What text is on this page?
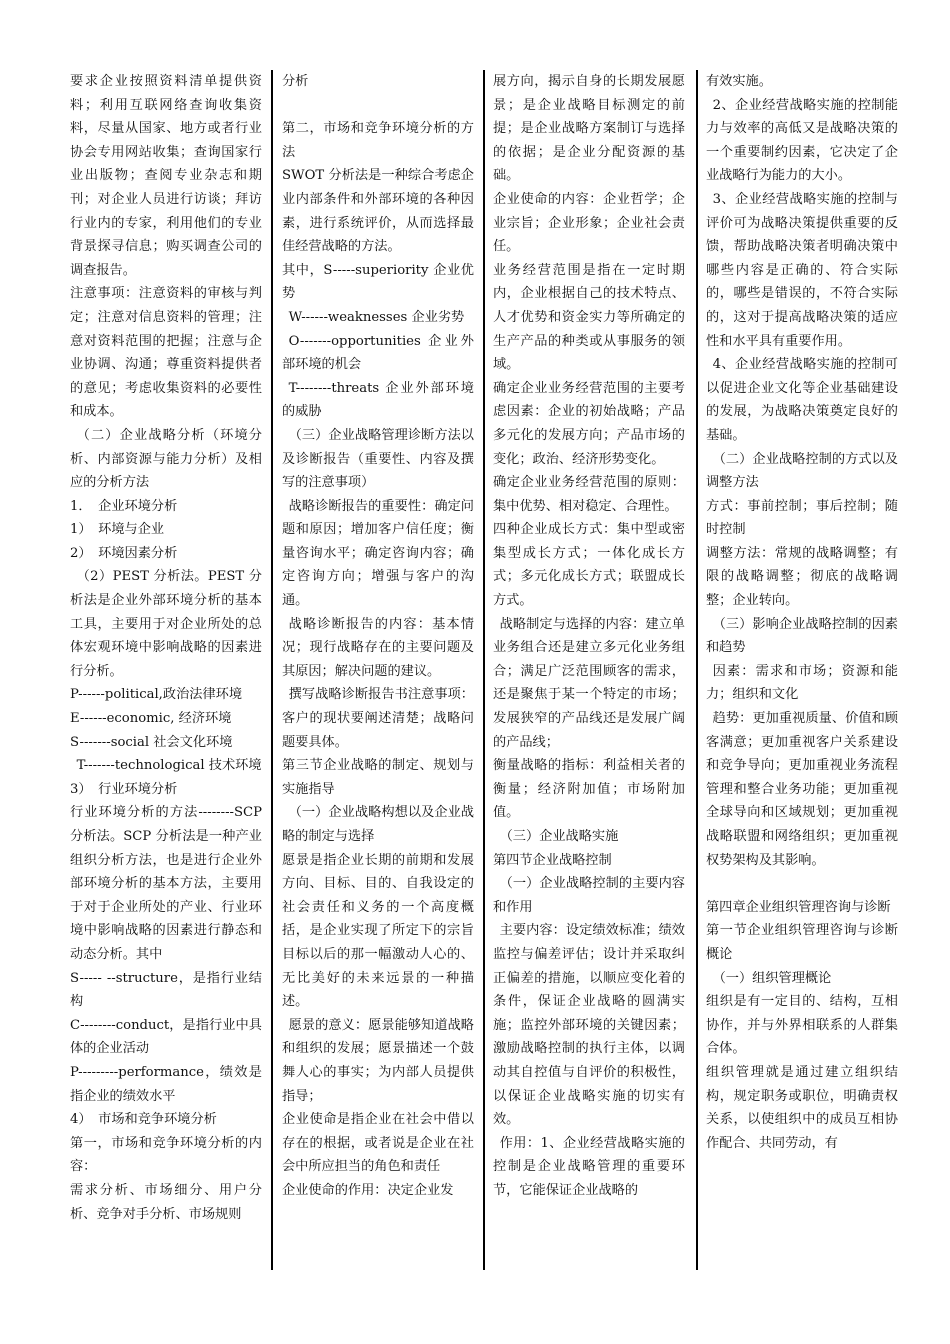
要求企业按照资料清单提供资料；利用互联网络查询收集资料，尽量从国家、地方或者行业协会专用网站收集；查询国家行业出版物；查阅专业杂志和期刊；对企业人员进行访谈；拜访行业内的专家，利用他们的专业背景探寻信息；购买调查公司的调查报告。

注意事项：注意资料的审核与判定；注意对信息资料的管理；注意对资料范围的把握；注意与企业协调、沟通；尊重资料提供者的意见；考虑收集资料的必要性和成本。

（二）企业战略分析（环境分析、内部资源与能力分析）及相应的分析方法

1．　企业环境分析

1）　环境与企业

2）　环境因素分析

（2）PEST 分析法。PEST 分析法是企业外部环境分析的基本工具，主要用于对企业所处的总体宏观环境中影响战略的因素进行分析。

P------political,政治法律环境

E------economic, 经济环境

S-------social 社会文化环境

T-------technological 技术环境

3）　行业环境分析

行业环境分析的方法--------SCP 分析法。SCP 分析法是一种产业组织分析方法，也是进行企业外部环境分析的基本方法，主要用于对于企业所处的产业、行业环境中影响战略的因素进行静态和动态分析。其中

S----- --structure，是指行业结构

C--------conduct，是指行业中具体的企业活动

P---------performance，绩效是指企业的绩效水平

4）　市场和竞争环境分析

第一，市场和竞争环境分析的内容：

需求分析、市场细分、用户分析、竞争对手分析、市场规则

分析

第二，市场和竞争环境分析的方法

SWOT 分析法是一种综合考虑企业内部条件和外部环境的各种因素，进行系统评价，从而选择最佳经营战略的方法。

其中，S-----superiority 企业优势

W------weaknesses 企业劣势

O-------opportunities 企业外部环境的机会

T--------threats 企业外部环境的威胁

（三）企业战略管理诊断方法以及诊断报告（重要性、内容及撰写的注意事项）

战略诊断报告的重要性：确定问题和原因；增加客户信任度；衡量咨询水平；确定咨询内容；确定咨询方向；增强与客户的沟通。

战略诊断报告的内容：基本情况；现行战略存在的主要问题及其原因；解决问题的建议。

撰写战略诊断报告书注意事项：客户的现状要阐述清楚；战略问题要具体。

第三节企业战略的制定、规划与实施指导

（一）企业战略构想以及企业战略的制定与选择

愿景是指企业长期的前期和发展方向、目标、目的、自我设定的社会责任和义务的一个高度概括，是企业实现了所定下的宗旨目标以后的那一幅激动人心的、无比美好的未来远景的一种描述。

愿景的意义：愿景能够知道战略和组织的发展；愿景描述一个鼓舞人心的事实；为内部人员提供指导；

企业使命是指企业在社会中借以存在的根据，或者说是企业在社会中所应担当的角色和责任

企业使命的作用：决定企业发

展方向，揭示自身的长期发展愿景；是企业战略目标测定的前提；是企业战略方案制订与选择的依据；是企业分配资源的基础。

企业使命的内容：企业哲学；企业宗旨；企业形象；企业社会责任。

业务经营范围是指在一定时期内，企业根据自己的技术特点、人才优势和资金实力等所确定的生产产品的种类或从事服务的领域。

确定企业业务经营范围的主要考虑因素：企业的初始战略；产品多元化的发展方向；产品市场的变化；政治、经济形势变化。

确定企业业务经营范围的原则：集中优势、相对稳定、合理性。

四种企业成长方式：集中型或密集型成长方式；一体化成长方式；多元化成长方式；联盟成长方式。

战略制定与选择的内容：建立单业务组合还是建立多元化业务组合；满足广泛范围顾客的需求，还是聚焦于某一个特定的市场；发展狭窄的产品线还是发展广阔的产品线；

衡量战略的指标：利益相关者的衡量；经济附加值；市场附加值。

（三）企业战略实施

第四节企业战略控制

（一）企业战略控制的主要内容和作用

主要内容：设定绩效标准；绩效监控与偏差评估；设计并采取纠正偏差的措施，以顺应变化着的条件，保证企业战略的圆满实施；监控外部环境的关键因素；激励战略控制的执行主体，以调动其自控值与自评价的积极性，以保证企业战略实施的切实有效。

作用：1、企业经营战略实施的控制是企业战略管理的重要环节，它能保证企业战略的

有效实施。

2、企业经营战略实施的控制能力与效率的高低又是战略决策的一个重要制约因素，它决定了企业战略行为能力的大小。

3、企业经营战略实施的控制与评价可为战略决策提供重要的反馈，帮助战略决策者明确决策中哪些内容是正确的、符合实际的，哪些是错误的，不符合实际的，这对于提高战略决策的适应性和水平具有重要作用。

4、企业经营战略实施的控制可以促进企业文化等企业基础建设的发展，为战略决策奠定良好的基础。

（二）企业战略控制的方式以及调整方法

方式：事前控制；事后控制；随时控制

调整方法：常规的战略调整；有限的战略调整；彻底的战略调整；企业转向。

（三）影响企业战略控制的因素和趋势

因素：需求和市场；资源和能力；组织和文化

趋势：更加重视质量、价值和顾客满意；更加重视客户关系建设和竞争导向；更加重视业务流程管理和整合业务功能；更加重视全球导向和区域规划；更加重视战略联盟和网络组织；更加重视权势架构及其影响。

第四章企业组织管理咨询与诊断

第一节企业组织管理咨询与诊断概论

（一）组织管理概论

组织是有一定目的、结构，互相协作，并与外界相联系的人群集合体。

组织管理就是通过建立组织结构，规定职务或职位，明确责权关系，以使组织中的成员互相协作配合、共同劳动，有
